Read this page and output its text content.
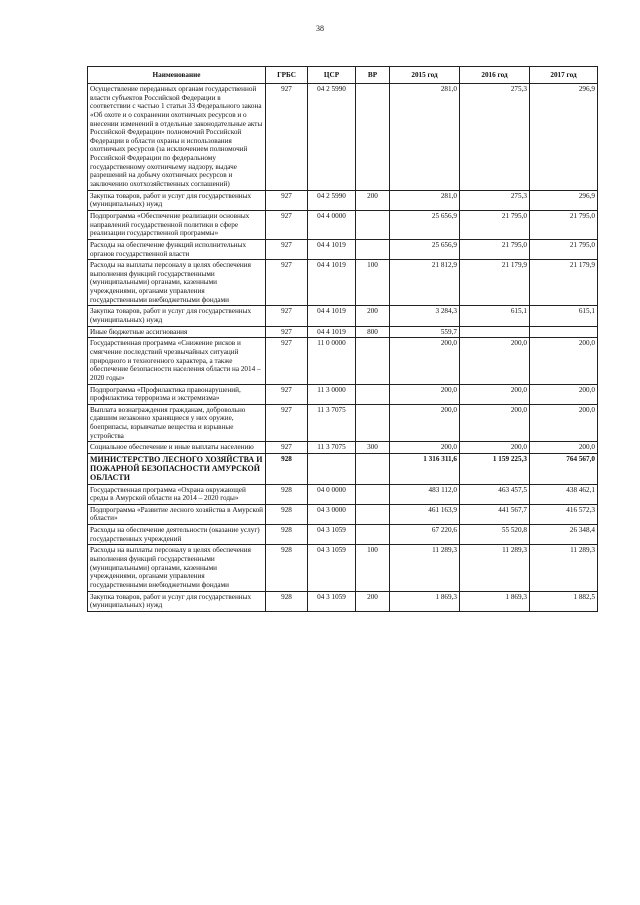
38
Наименование	ГРБС	ЦСР	ВР	2015 год	2016 год	2017 год
Осуществление переданных органам государственной власти субъектов Российской Федерации в соответствии с частью 1 статьи 33 Федерального закона «Об охоте и о сохранении охотничьих ресурсов и о внесении изменений в отдельные законодательные акты Российской Федерации» полномочий Российской Федерации в области охраны и использования охотничьих ресурсов (за исключением полномочий Российской Федерации по федеральному государственному охотничьему надзору, выдаче разрешений на добычу охотничьих ресурсов и заключению охотхозяйственных соглашений)	927	04 2 5990		281,0	275,3	296,9
Закупка товаров, работ и услуг для государственных (муниципальных) нужд	927	04 2 5990	200	281,0	275,3	296,9
Подпрограмма «Обеспечение реализации основных направлений государственной политики в сфере реализации государственной программы»	927	04 4 0000		25 656,9	21 795,0	21 795,0
Расходы на обеспечение функций исполнительных органов государственной власти	927	04 4 1019		25 656,9	21 795,0	21 795,0
Расходы на выплаты персоналу в целях обеспечения выполнения функций государственными (муниципальными) органами, казенными учреждениями, органами управления государственными внебюджетными фондами	927	04 4 1019	100	21 812,9	21 179,9	21 179,9
Закупка товаров, работ и услуг для государственных (муниципальных) нужд	927	04 4 1019	200	3 284,3	615,1	615,1
Иные бюджетные ассигнования	927	04 4 1019	800	559,7		
Государственная программа «Снижение рисков и смягчение последствий чрезвычайных ситуаций природного и техногенного характера, а также обеспечение безопасности населения области на 2014 – 2020 годы»	927	11 0 0000		200,0	200,0	200,0
Подпрограмма «Профилактика правонарушений, профилактика терроризма и экстремизма»	927	11 3 0000		200,0	200,0	200,0
Выплата вознаграждения гражданам, добровольно сдавшим незаконно хранящиеся у них оружие, боеприпасы, взрывчатые вещества и взрывные устройства	927	11 3 7075		200,0	200,0	200,0
Социальное обеспечение и иные выплаты населению	927	11 3 7075	300	200,0	200,0	200,0
МИНИСТЕРСТВО ЛЕСНОГО ХОЗЯЙСТВА И ПОЖАРНОЙ БЕЗОПАСНОСТИ АМУРСКОЙ ОБЛАСТИ	928			1 316 311,6	1 159 225,3	764 567,0
Государственная программа «Охрана окружающей среды в Амурской области на 2014 – 2020 годы»	928	04 0 0000		483 112,0	463 457,5	438 462,1
Подпрограмма «Развитие лесного хозяйства в Амурской области»	928	04 3 0000		461 163,9	441 567,7	416 572,3
Расходы на обеспечение деятельности (оказание услуг) государственных учреждений	928	04 3 1059		67 220,6	55 520,8	26 348,4
Расходы на выплаты персоналу в целях обеспечения выполнения функций государственными (муниципальными) органами, казенными учреждениями, органами управления государственными внебюджетными фондами	928	04 3 1059	100	11 289,3	11 289,3	11 289,3
Закупка товаров, работ и услуг для государственных (муниципальных) нужд	928	04 3 1059	200	1 869,3	1 869,3	1 882,5
